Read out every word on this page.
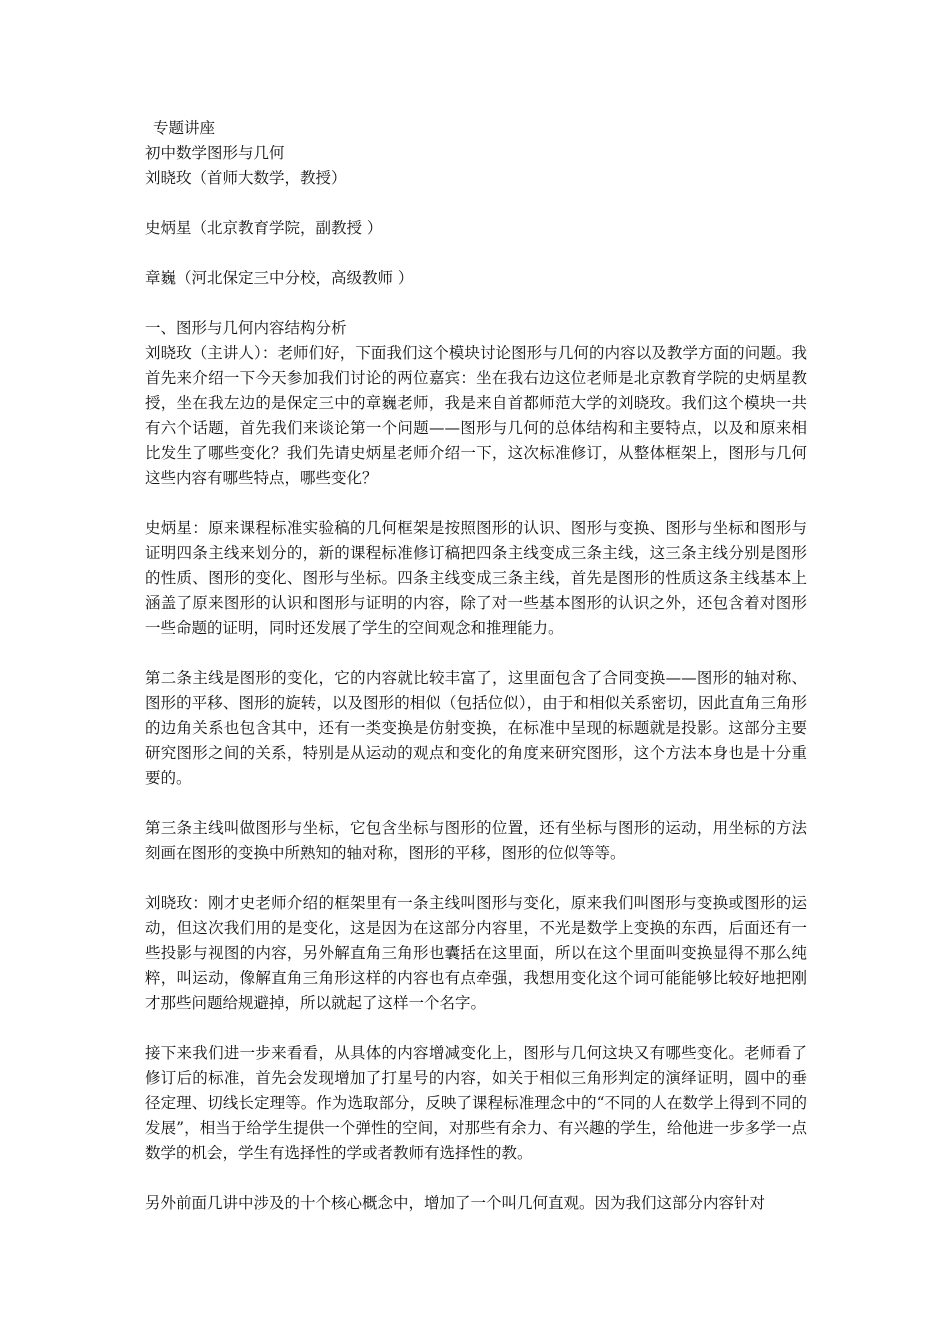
专题讲座

初中数学图形与几何

刘晓玫（首师大数学，教授）

史炳星（北京教育学院，副教授 ）

章巍（河北保定三中分校，高级教师 ）

一、图形与几何内容结构分析

刘晓玫（主讲人）：老师们好，下面我们这个模块讨论图形与几何的内容以及教学方面的问题。我首先来介绍一下今天参加我们讨论的两位嘉宾：坐在我右边这位老师是北京教育学院的史炳星教授，坐在我左边的是保定三中的章巍老师，我是来自首都师范大学的刘晓玫。我们这个模块一共有六个话题，首先我们来谈论第一个问题——图形与几何的总体结构和主要特点，以及和原来相比发生了哪些变化？我们先请史炳星老师介绍一下，这次标准修订，从整体框架上，图形与几何这些内容有哪些特点，哪些变化？

史炳星：原来课程标准实验稿的几何框架是按照图形的认识、图形与变换、图形与坐标和图形与证明四条主线来划分的，新的课程标准修订稿把四条主线变成三条主线，这三条主线分别是图形的性质、图形的变化、图形与坐标。四条主线变成三条主线，首先是图形的性质这条主线基本上涵盖了原来图形的认识和图形与证明的内容，除了对一些基本图形的认识之外，还包含着对图形一些命题的证明，同时还发展了学生的空间观念和推理能力。

第二条主线是图形的变化，它的内容就比较丰富了，这里面包含了合同变换——图形的轴对称、图形的平移、图形的旋转，以及图形的相似（包括位似），由于和相似关系密切，因此直角三角形的边角关系也包含其中，还有一类变换是仿射变换，在标准中呈现的标题就是投影。这部分主要研究图形之间的关系，特别是从运动的观点和变化的角度来研究图形，这个方法本身也是十分重要的。

第三条主线叫做图形与坐标，它包含坐标与图形的位置，还有坐标与图形的运动，用坐标的方法刻画在图形的变换中所熟知的轴对称，图形的平移，图形的位似等等。

刘晓玫：刚才史老师介绍的框架里有一条主线叫图形与变化，原来我们叫图形与变换或图形的运动，但这次我们用的是变化，这是因为在这部分内容里，不光是数学上变换的东西，后面还有一些投影与视图的内容，另外解直角三角形也囊括在这里面，所以在这个里面叫变换显得不那么纯粹，叫运动，像解直角三角形这样的内容也有点牵强，我想用变化这个词可能能够比较好地把刚才那些问题给规避掉，所以就起了这样一个名字。

接下来我们进一步来看看，从具体的内容增减变化上，图形与几何这块又有哪些变化。老师看了修订后的标准，首先会发现增加了打星号的内容，如关于相似三角形判定的演绎证明，圆中的垂径定理、切线长定理等。作为选取部分，反映了课程标准理念中的“不同的人在数学上得到不同的发展”，相当于给学生提供一个弹性的空间，对那些有余力、有兴趣的学生，给他进一步多学一点数学的机会，学生有选择性的学或者教师有选择性的教。

另外前面几讲中涉及的十个核心概念中，增加了一个叫几何直观。因为我们这部分内容针对
